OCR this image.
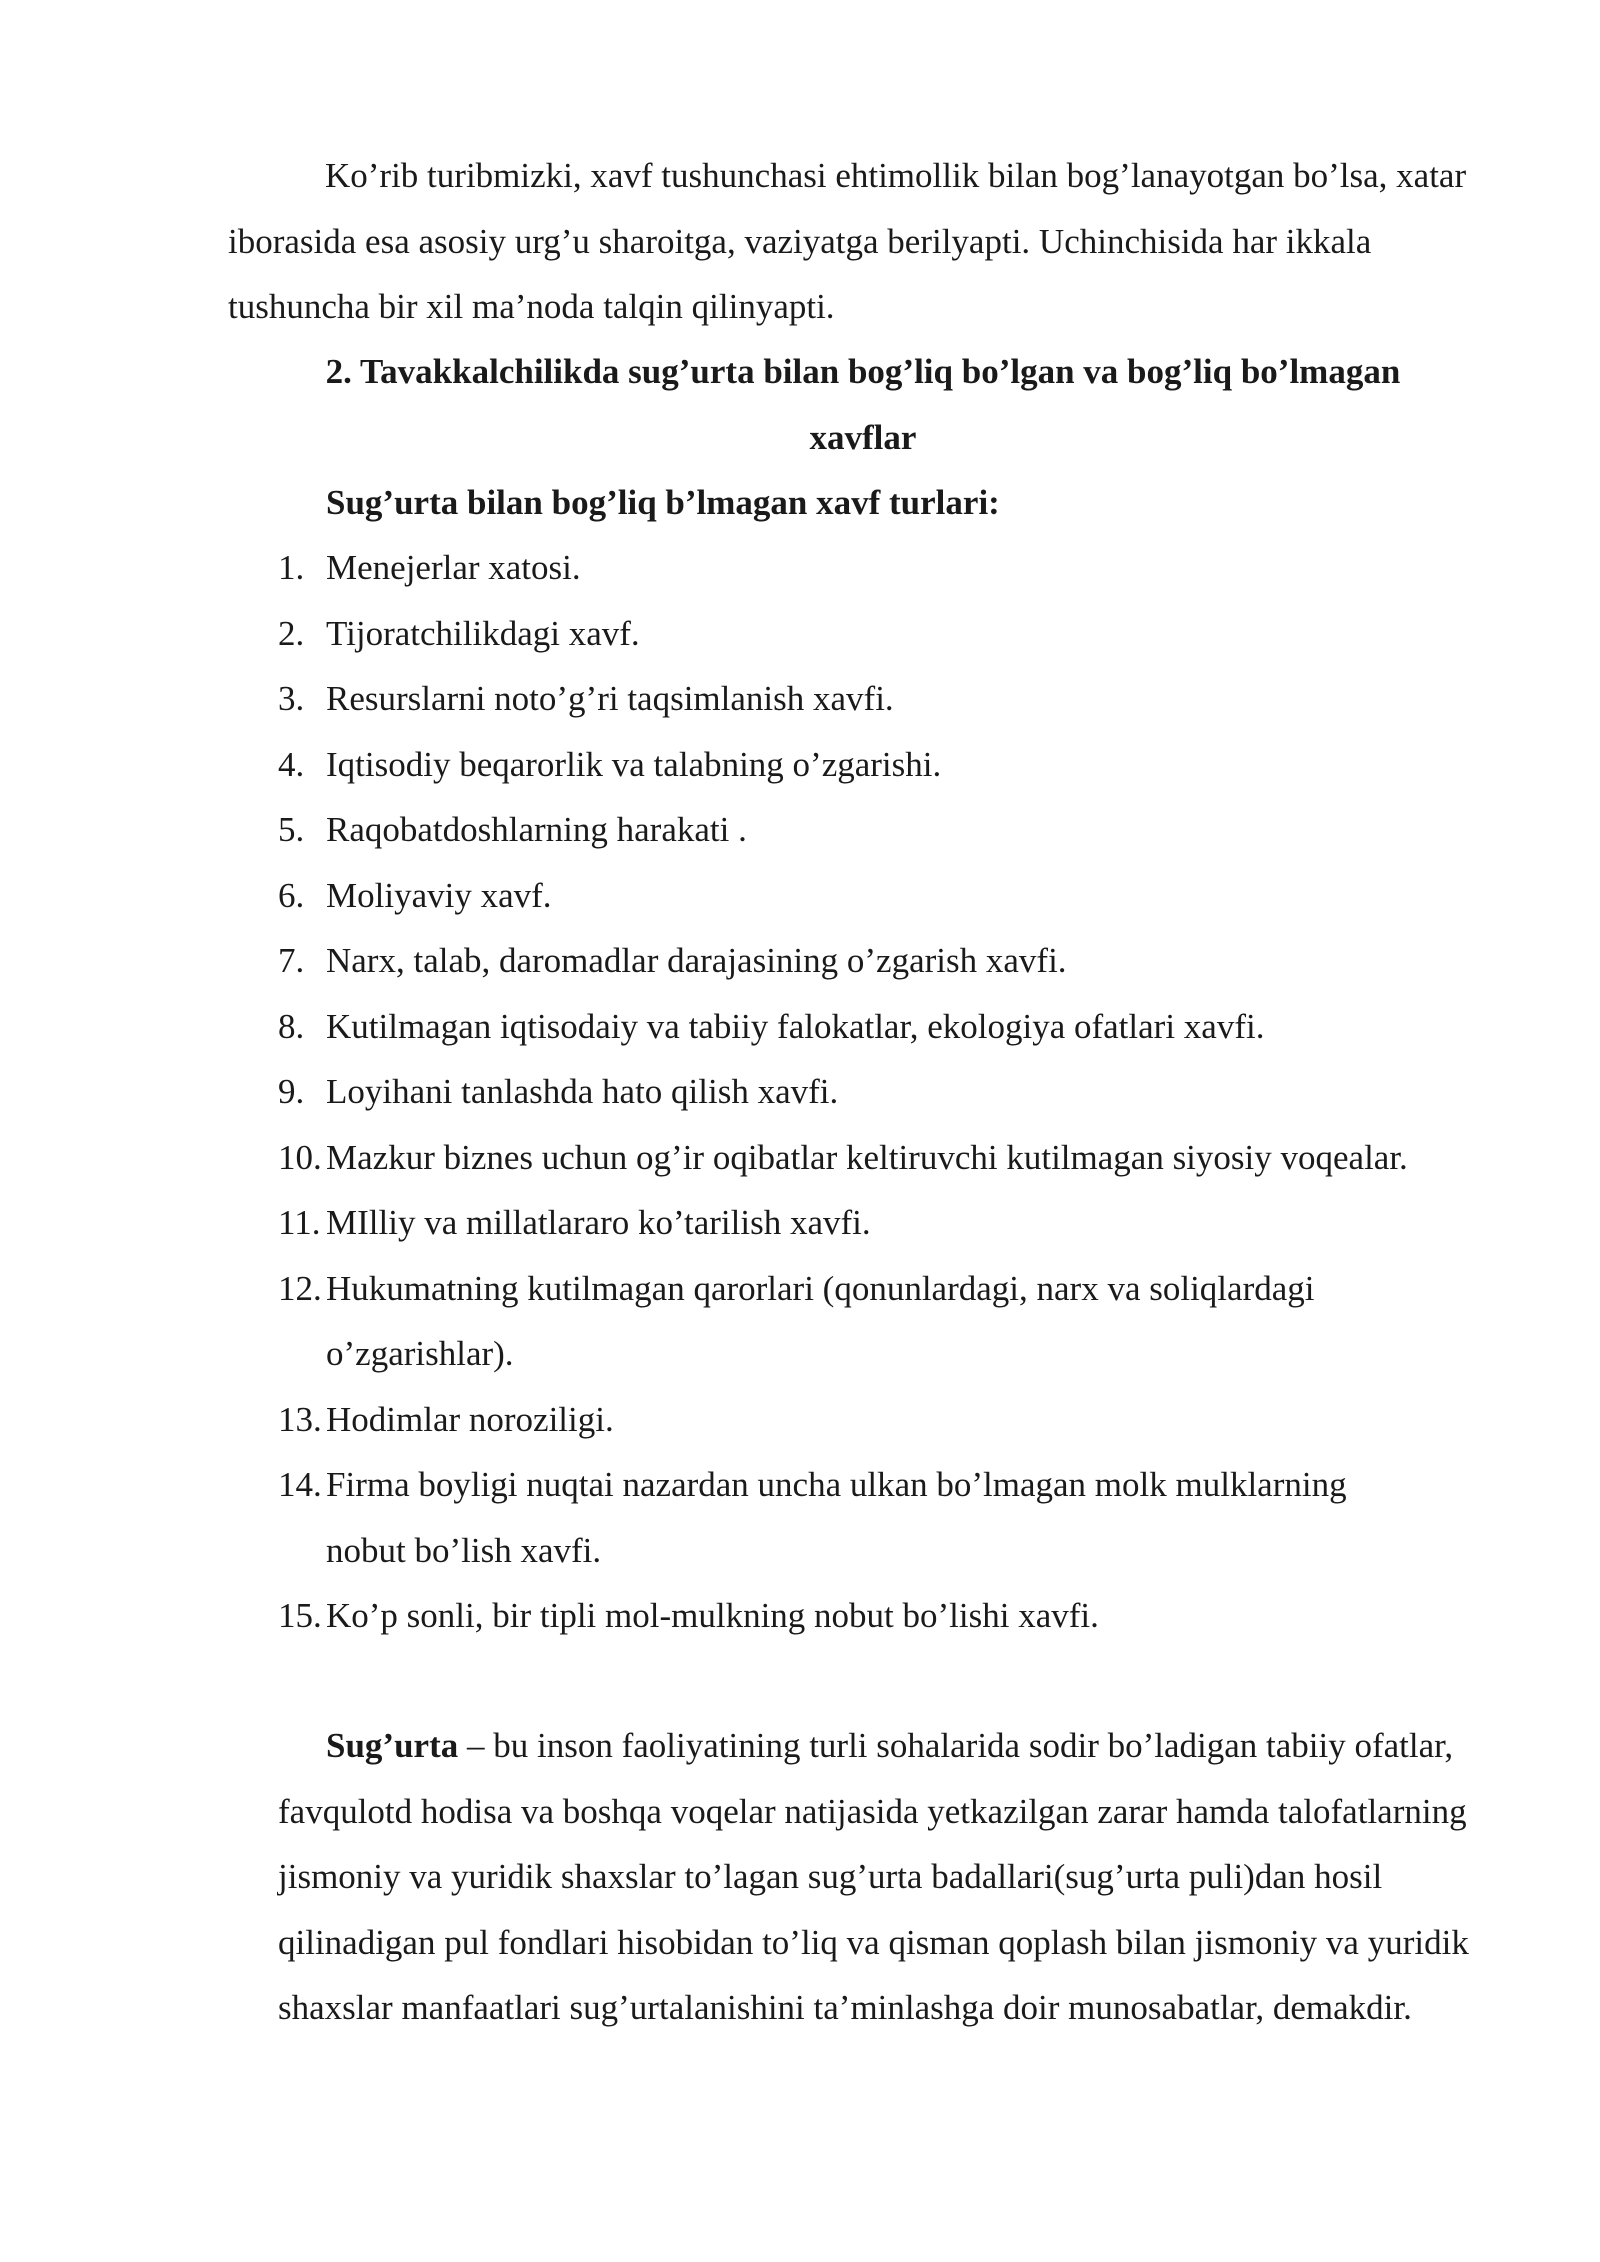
Ko’rib turibmizki, xavf tushunchasi ehtimollik bilan bog’lanayotgan bo’lsa, xatar iborasida esa asosiy urg’u sharoitga, vaziyatga berilyapti. Uchinchisida har ikkala tushuncha bir xil ma’noda talqin qilinyapti.

2. Tavakkalchilikda sug’urta bilan bog’liq bo’lgan va bog’liq bo’lmagan xavflar
Sug’urta bilan bog’liq b’lmagan xavf turlari:
1. Menejerlar xatosi.
2. Tijoratchilikdagi xavf.
3. Resurslarni noto’g’ri taqsimlanish xavfi.
4. Iqtisodiy beqarorlik va talabning o’zgarishi.
5. Raqobatdoshlarning harakati .
6. Moliyaviy xavf.
7. Narx, talab, daromadlar darajasining o’zgarish xavfi.
8. Kutilmagan iqtisodaiy va tabiiy falokatlar, ekologiya ofatlari xavfi.
9. Loyihani tanlashda hato qilish xavfi.
10. Mazkur biznes uchun og’ir oqibatlar keltiruvchi kutilmagan siyosiy voqealar.
11. MIlliy va millatlararo ko’tarilish xavfi.
12. Hukumatning kutilmagan qarorlari (qonunlardagi, narx va soliqlardagi o’zgarishlar).
13. Hodimlar noroziligi.
14. Firma boyligi nuqtai nazardan uncha ulkan bo’lmagan molk mulklarning nobut bo’lish xavfi.
15. Ko’p sonli, bir tipli mol-mulkning nobut bo’lishi xavfi.

Sug’urta – bu inson faoliyatining turli sohalarida sodir bo’ladigan tabiiy ofatlar, favqulotd hodisa va boshqa voqelar natijasida yetkazilgan zarar hamda talofatlarning jismoniy va yuridik shaxslar to’lagan sug’urta badallari(sug’urta puli)dan hosil qilinadigan pul fondlari hisobidan to’liq va qisman qoplash bilan jismoniy va yuridik shaxslar manfaatlari sug’urtalanishini ta’minlashga doir munosabatlar, demakdir.
